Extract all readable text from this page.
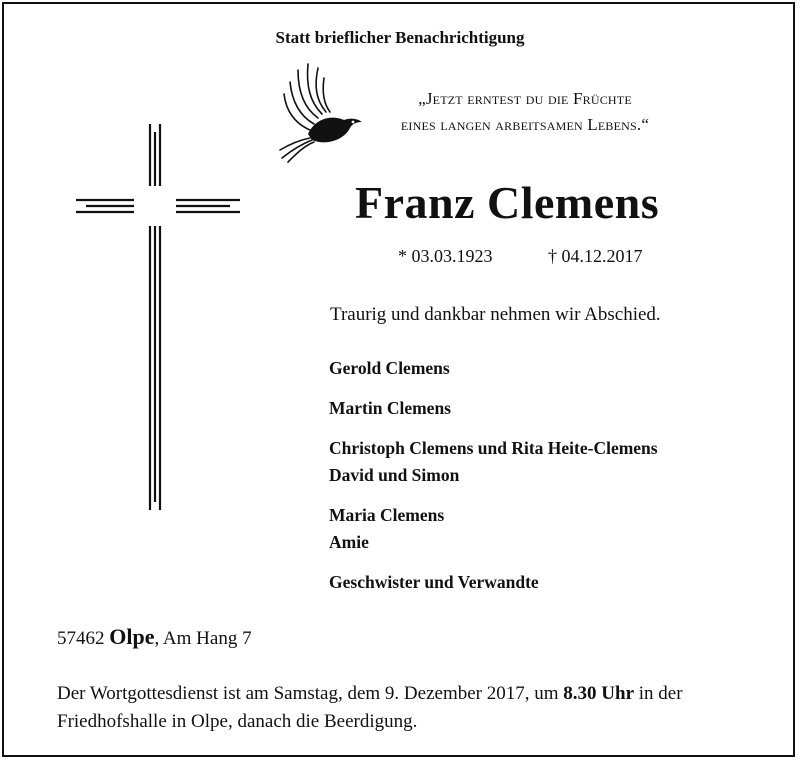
Statt brieflicher Benachrichtigung
„Jetzt erntest du die Früchte
eines langen arbeitsamen Lebens.“
Franz Clemens
* 03.03.1923	† 04.12.2017
Traurig und dankbar nehmen wir Abschied.
Gerold Clemens
Martin Clemens
Christoph Clemens und Rita Heite-Clemens
David und Simon
Maria Clemens
Amie
Geschwister und Verwandte
57462 Olpe, Am Hang 7
Der Wortgottesdienst ist am Samstag, dem 9. Dezember 2017, um 8.30 Uhr in der Friedhofshalle in Olpe, danach die Beerdigung.
